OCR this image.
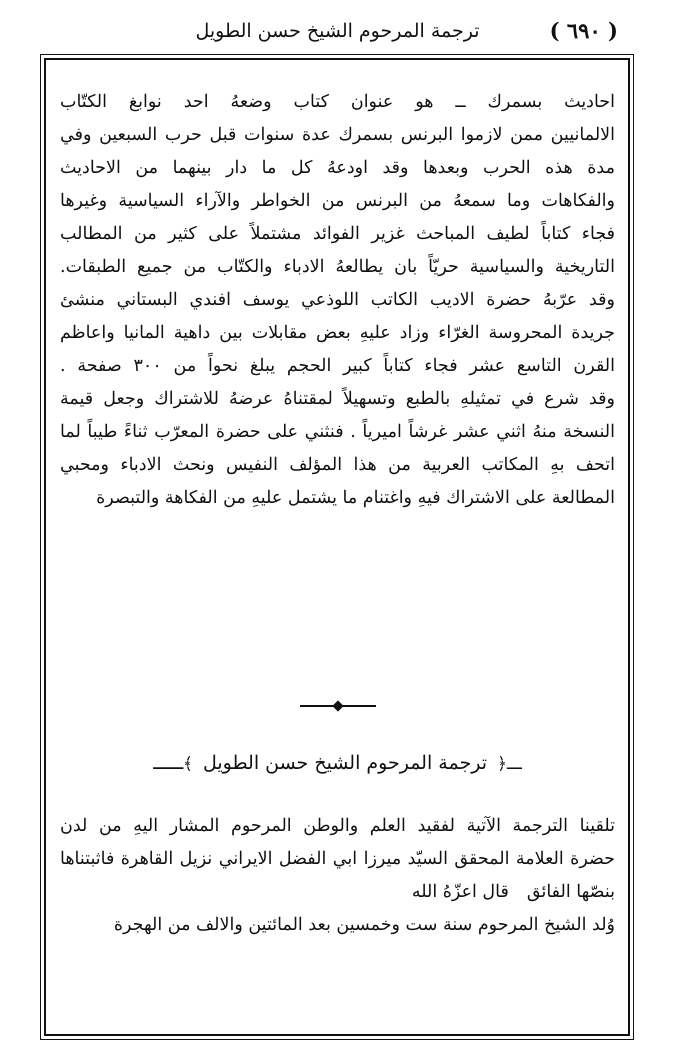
( ٦٩٠ )
ترجمة المرحوم الشيخ حسن الطويل

احاديث بسمرك ــ هو عنوان كتاب وضعهُ احد نوابغ الكتّاب

الالمانيين ممن لازموا البرنس بسمرك عدة سنوات قبل حرب السبعين وفي

مدة هذه الحرب وبعدها وقد اودعهُ كل ما دار بينهما من الاحاديث

والفكاهات وما سمعهُ من البرنس من الخواطر والآراء السياسية وغيرها

فجاء كتاباً لطيف المباحث غزير الفوائد مشتملاً على كثير من المطالب

التاريخية والسياسية حريّاً بان يطالعهُ الادباء والكتّاب من جميع الطبقات.

وقد عرّبهُ حضرة الاديب الكاتب اللوذعي يوسف افندي البستاني منشئ

جريدة المحروسة الغرّاء وزاد عليهِ بعض مقابلات بين داهية المانيا واعاظم

القرن التاسع عشر فجاء كتاباً كبير الحجم يبلغ نحواً من ٣٠٠ صفحة .

وقد شرع في تمثيلهِ بالطبع وتسهيلاً لمقتناهُ عرضهُ للاشتراك وجعل قيمة

النسخة منهُ اثني عشر غرشاً اميرياً . فنثني على حضرة المعرّب ثناءً طيباً لما

اتحف بهِ المكاتب العربية من هذا المؤلف النفيس ونحث الادباء ومحبي

المطالعة على الاشتراك فيهِ واغتنام ما يشتمل عليهِ من الفكاهة والتبصرة

ـــ﴿
ترجمة المرحوم الشيخ حسن الطويل
﴾ـــ

تلقينا الترجمة الآتية لفقيد العلم والوطن المرحوم المشار اليهِ من لدن

حضرة العلامة المحقق السيّد ميرزا ابي الفضل الايراني نزيل القاهرة فاثبتناها

بنصّها الفائققال اعزّهُ الله

وُلد الشيخ المرحوم سنة ست وخمسين بعد المائتين والالف من الهجرة
